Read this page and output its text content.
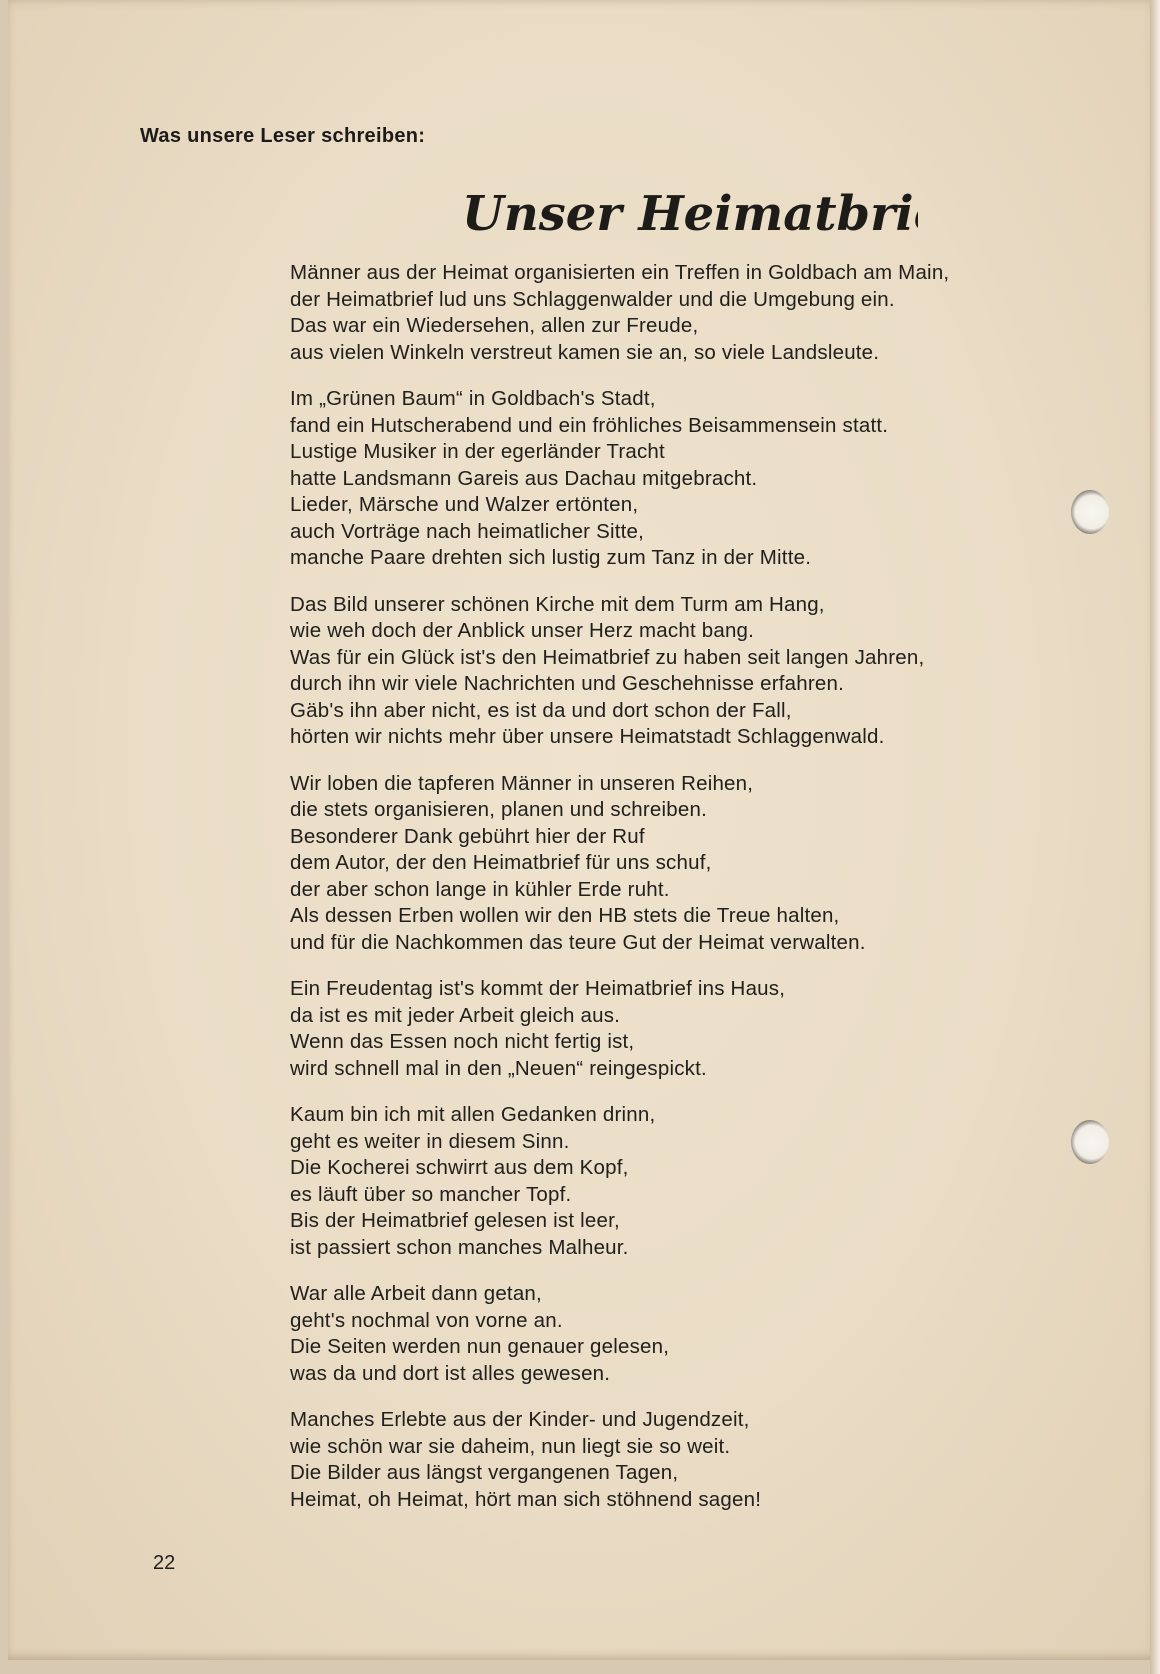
Was unsere Leser schreiben:
Unser Heimatbrief
Männer aus der Heimat organisierten ein Treffen in Goldbach am Main,
der Heimatbrief lud uns Schlaggenwalder und die Umgebung ein.
Das war ein Wiedersehen, allen zur Freude,
aus vielen Winkeln verstreut kamen sie an, so viele Landsleute.
Im „Grünen Baum“ in Goldbach's Stadt,
fand ein Hutscherabend und ein fröhliches Beisammensein statt.
Lustige Musiker in der egerländer Tracht
hatte Landsmann Gareis aus Dachau mitgebracht.
Lieder, Märsche und Walzer ertönten,
auch Vorträge nach heimatlicher Sitte,
manche Paare drehten sich lustig zum Tanz in der Mitte.
Das Bild unserer schönen Kirche mit dem Turm am Hang,
wie weh doch der Anblick unser Herz macht bang.
Was für ein Glück ist's den Heimatbrief zu haben seit langen Jahren,
durch ihn wir viele Nachrichten und Geschehnisse erfahren.
Gäb's ihn aber nicht, es ist da und dort schon der Fall,
hörten wir nichts mehr über unsere Heimatstadt Schlaggenwald.
Wir loben die tapferen Männer in unseren Reihen,
die stets organisieren, planen und schreiben.
Besonderer Dank gebührt hier der Ruf
dem Autor, der den Heimatbrief für uns schuf,
der aber schon lange in kühler Erde ruht.
Als dessen Erben wollen wir den HB stets die Treue halten,
und für die Nachkommen das teure Gut der Heimat verwalten.
Ein Freudentag ist's kommt der Heimatbrief ins Haus,
da ist es mit jeder Arbeit gleich aus.
Wenn das Essen noch nicht fertig ist,
wird schnell mal in den „Neuen“ reingespickt.
Kaum bin ich mit allen Gedanken drinn,
geht es weiter in diesem Sinn.
Die Kocherei schwirrt aus dem Kopf,
es läuft über so mancher Topf.
Bis der Heimatbrief gelesen ist leer,
ist passiert schon manches Malheur.
War alle Arbeit dann getan,
geht's nochmal von vorne an.
Die Seiten werden nun genauer gelesen,
was da und dort ist alles gewesen.
Manches Erlebte aus der Kinder- und Jugendzeit,
wie schön war sie daheim, nun liegt sie so weit.
Die Bilder aus längst vergangenen Tagen,
Heimat, oh Heimat, hört man sich stöhnend sagen!
22
